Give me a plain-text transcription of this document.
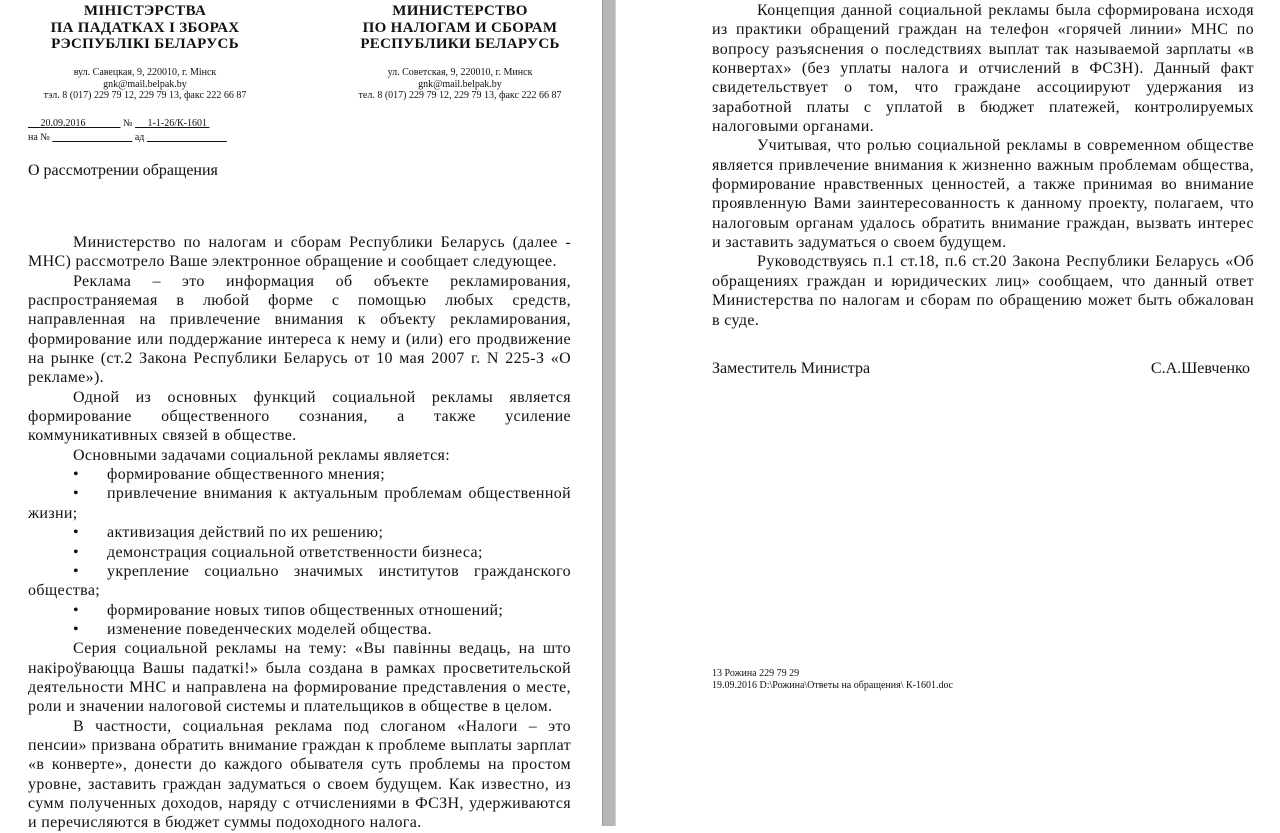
МІНІСТЭРСТВА
ПА ПАДАТКАХ І ЗБОРАХ
РЭСПУБЛІКІ БЕЛАРУСЬ
вул. Савецкая, 9, 220010, г. Мінск
gnk@mail.belpak.by
тэл. 8 (017) 229 79 12, 229 79 13, факс 222 66 87
МИНИСТЕРСТВО
ПО НАЛОГАМ И СБОРАМ
РЕСПУБЛИКИ БЕЛАРУСЬ
ул. Советская, 9, 220010, г. Минск
gnk@mail.belpak.by
тел. 8 (017) 229 79 12, 229 79 13, факс 222 66 87
20.09.2016	№ 1-1-26/К-1601
на №	ад
О рассмотрении обращения

Министерство по налогам и сборам Республики Беларусь (далее - МНС) рассмотрело Ваше электронное обращение и сообщает следующее.

Реклама – это информация об объекте рекламирования, распространяемая в любой форме с помощью любых средств, направленная на привлечение внимания к объекту рекламирования, формирование или поддержание интереса к нему и (или) его продвижение на рынке (ст.2 Закона Республики Беларусь от 10 мая 2007 г. N 225-З «О рекламе»).

Одной из основных функций социальной рекламы является формирование общественного сознания, а также усиление коммуникативных связей в обществе.

Основными задачами социальной рекламы является:

• формирование общественного мнения;

• привлечение внимания к актуальным проблемам общественной жизни;

• активизация действий по их решению;

• демонстрация социальной ответственности бизнеса;

• укрепление социально значимых институтов гражданского общества;

• формирование новых типов общественных отношений;

• изменение поведенческих моделей общества.

Серия социальной рекламы на тему: «Вы павінны ведаць, на што накіроўваюцца Вашы падаткі!» была создана в рамках просветительской деятельности МНС и направлена на формирование представления о месте, роли и значении налоговой системы и плательщиков в обществе в целом.

В частности, социальная реклама под слоганом «Налоги – это пенсии» призвана обратить внимание граждан к проблеме выплаты зарплат «в конверте», донести до каждого обывателя суть проблемы на простом уровне, заставить граждан задуматься о своем будущем. Как известно, из сумм полученных доходов, наряду с отчислениями в ФСЗН, удерживаются и перечисляются в бюджет суммы подоходного налога.

Концепция данной социальной рекламы была сформирована исходя из практики обращений граждан на телефон «горячей линии» МНС по вопросу разъяснения о последствиях выплат так называемой зарплаты «в конвертах» (без уплаты налога и отчислений в ФСЗН). Данный факт свидетельствует о том, что граждане ассоциируют удержания из заработной платы с уплатой в бюджет платежей, контролируемых налоговыми органами.

Учитывая, что ролью социальной рекламы в современном обществе является привлечение внимания к жизненно важным проблемам общества, формирование нравственных ценностей, а также принимая во внимание проявленную Вами заинтересованность к данному проекту, полагаем, что налоговым органам удалось обратить внимание граждан, вызвать интерес и заставить задуматься о своем будущем.

Руководствуясь п.1 ст.18, п.6 ст.20 Закона Республики Беларусь «Об обращениях граждан и юридических лиц» сообщаем, что данный ответ Министерства по налогам и сборам по обращению может быть обжалован в суде.

Заместитель Министра	С.А.Шевченко
13 Рожина 229 79 29
19.09.2016 D:\Рожина\Ответы на обращения\ К-1601.doc
